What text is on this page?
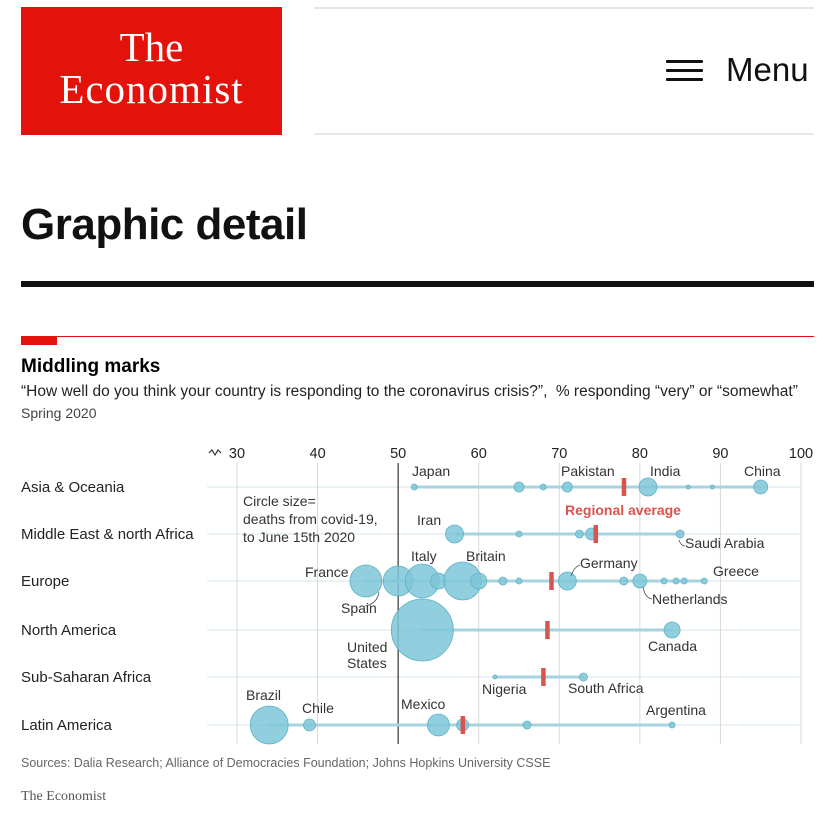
The
Economist	Menu
Graphic detail
Middling marks
“How well do you think your country is responding to the coronavirus crisis?”, % responding “very” or “somewhat”
Spring 2020
30	40	50	60	70	80	90	100
Asia & Oceania
Japan	Pakistan	India	China
Middle East & north Africa
Iran
Saudi Arabia
Europe
France
Spain
Italy Britain	Germany
Netherlands
Greece
North America
United
States
Canada
Sub-Saharan Africa
Nigeria	South Africa
Latin America
Brazil
Chile	Mexico	Argentina
Regional average
Circle size=
deaths from covid-19,
to June 15th 2020
Sources: Dalia Research; Alliance of Democracies Foundation; Johns Hopkins University CSSE
The Economist
